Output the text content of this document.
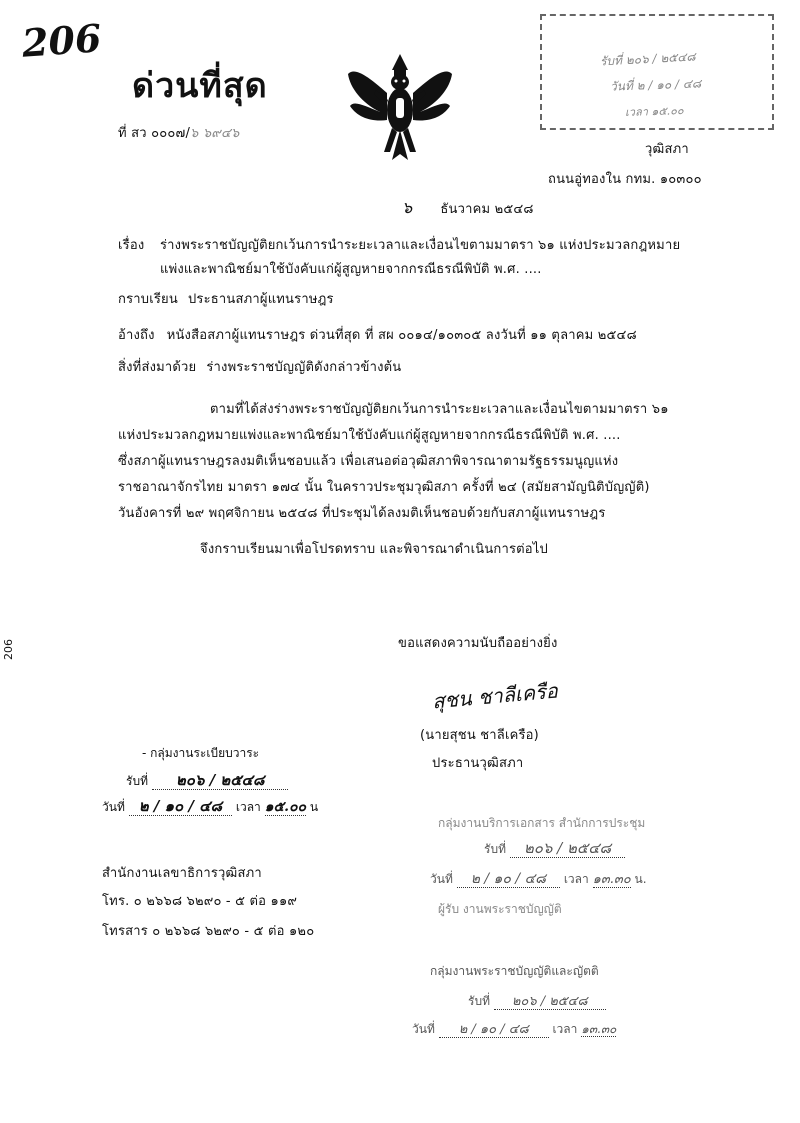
206
ด่วนที่สุด
ที่ สว ๐๐๐๗/๖ ๖๙๔๖
รับที่ ๒๐๖ / ๒๕๔๘
วันที่ ๒ / ๑๐ / ๔๘
เวลา ๑๕.๐๐
วุฒิสภา
ถนนอู่ทองใน กทม. ๑๐๓๐๐
๖ ธันวาคม ๒๕๔๘
เรื่อง ร่างพระราชบัญญัติยกเว้นการนำระยะเวลาและเงื่อนไขตามมาตรา ๖๑ แห่งประมวลกฎหมาย
แพ่งและพาณิชย์มาใช้บังคับแก่ผู้สูญหายจากกรณีธรณีพิบัติ พ.ศ. ....
กราบเรียน ประธานสภาผู้แทนราษฎร
อ้างถึง หนังสือสภาผู้แทนราษฎร ด่วนที่สุด ที่ สผ ๐๐๑๔/๑๐๓๐๕ ลงวันที่ ๑๑ ตุลาคม ๒๕๔๘
สิ่งที่ส่งมาด้วย ร่างพระราชบัญญัติดังกล่าวข้างต้น
ตามที่ได้ส่งร่างพระราชบัญญัติยกเว้นการนำระยะเวลาและเงื่อนไขตามมาตรา ๖๑
แห่งประมวลกฎหมายแพ่งและพาณิชย์มาใช้บังคับแก่ผู้สูญหายจากกรณีธรณีพิบัติ พ.ศ. ....
ซึ่งสภาผู้แทนราษฎรลงมติเห็นชอบแล้ว เพื่อเสนอต่อวุฒิสภาพิจารณาตามรัฐธรรมนูญแห่ง
ราชอาณาจักรไทย มาตรา ๑๗๔ นั้น ในคราวประชุมวุฒิสภา ครั้งที่ ๒๔ (สมัยสามัญนิติบัญญัติ)
วันอังคารที่ ๒๙ พฤศจิกายน ๒๕๔๘ ที่ประชุมได้ลงมติเห็นชอบด้วยกับสภาผู้แทนราษฎร
จึงกราบเรียนมาเพื่อโปรดทราบ และพิจารณาดำเนินการต่อไป
ขอแสดงความนับถืออย่างยิ่ง
สุชน ชาลีเครือ
(นายสุชน ชาลีเครือ)
ประธานวุฒิสภา
- กลุ่มงานระเบียบวาระ
รับที่ ๒๐๖ / ๒๕๔๘
วันที่ ๒ / ๑๐ / ๔๘ เวลา ๑๕.๐๐ น
สำนักงานเลขาธิการวุฒิสภา
โทร. ๐ ๒๖๖๘ ๖๒๙๐ - ๕ ต่อ ๑๑๙
โทรสาร ๐ ๒๖๖๘ ๖๒๙๐ - ๕ ต่อ ๑๒๐
กลุ่มงานบริการเอกสาร สำนักการประชุม
รับที่ ๒๐๖ / ๒๕๔๘
วันที่ ๒ / ๑๐ / ๔๘ เวลา ๑๓.๓๐ น.
ผู้รับ งานพระราชบัญญัติ
กลุ่มงานพระราชบัญญัติและญัตติ
รับที่ ๒๐๖ / ๒๕๔๘
วันที่ ๒ / ๑๐ / ๔๘ เวลา ๑๓.๓๐
206
